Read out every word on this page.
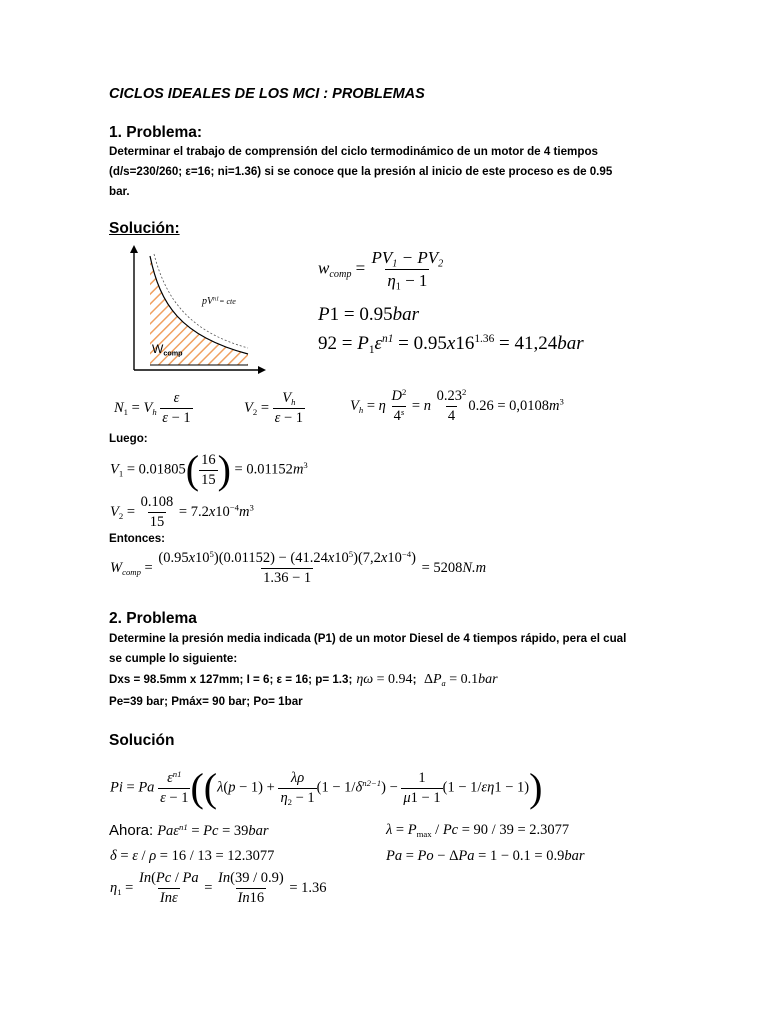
CICLOS IDEALES DE LOS MCI : PROBLEMAS
1. Problema:
Determinar el trabajo de comprensión del ciclo termodinámico de un motor de 4 tiempos
(d/s=230/260; ε=16; ni=1.36) si se conoce que la presión al inicio de este proceso es de 0.95
bar.
Solución:
$pV^{n1}=$ cte
$W_{comp}$
$w_{comp} = \frac{PV_1 - PV_2}{\eta_1 - 1}$
P1 = 0.95bar
$92 = P_1\varepsilon^{n1} = 0.95x16^{1.36} = 41,24bar$
$N_1 = V_h \frac{\varepsilon}{\varepsilon - 1}$	$V_2 = \frac{V_h}{\varepsilon - 1}$	$V_h = \eta \frac{D^2}{4^s} = n \frac{0.23^2}{4} 0.26 = 0,0108m^3$
Luego:
$V_1 = 0.01805( \frac{16}{15}$ ) = $0.01152m^3$
$V_2 = \frac{0.108}{15} = 7.2x10^{-4}m^3$
Entonces:
$W_{comp} = \frac{(0.95x10^5)(0.01152) - (41.24x10^5)(7,2x10^{-4})}{1.36 - 1} = 5208N.m$
2. Problema
Determine la presión media indicada (P1) de un motor Diesel de 4 tiempos rápido, pera el cual
se cumple lo siguiente:
Dxs = 98.5mm x 127mm; I = 6; ε = 16; p= 1.3; ηω = 0.94;  $\Delta P_a = 0.1bar$
Pe=39 bar; Pmáx= 90 bar; Po= 1bar
Solución
Pi = Pa $\frac{\varepsilon^{n1}}{\varepsilon - 1} ((\lambda(p - 1) + \frac{\lambda\rho}{\eta_2 - 1} (1 - 1/\delta^{n2-1}) - \frac{1}{\mu 1 - 1} (1 - 1/\varepsilon\eta 1 - 1))$
Ahora: Paε$^{n1}$ = Pc = 39bar	$\lambda = P_{max} / Pc = 90 / 39 = 2.3077$
δ = ε / ρ = 16 / 13 = 12.3077	Pa = Po − ΔPa = 1 − 0.1 = 0.9bar
$\eta_1 = \frac{In(Pc / Pa}{\text{Inε}} = \frac{In(39 / 0.9)}{In16} = 1.36$
